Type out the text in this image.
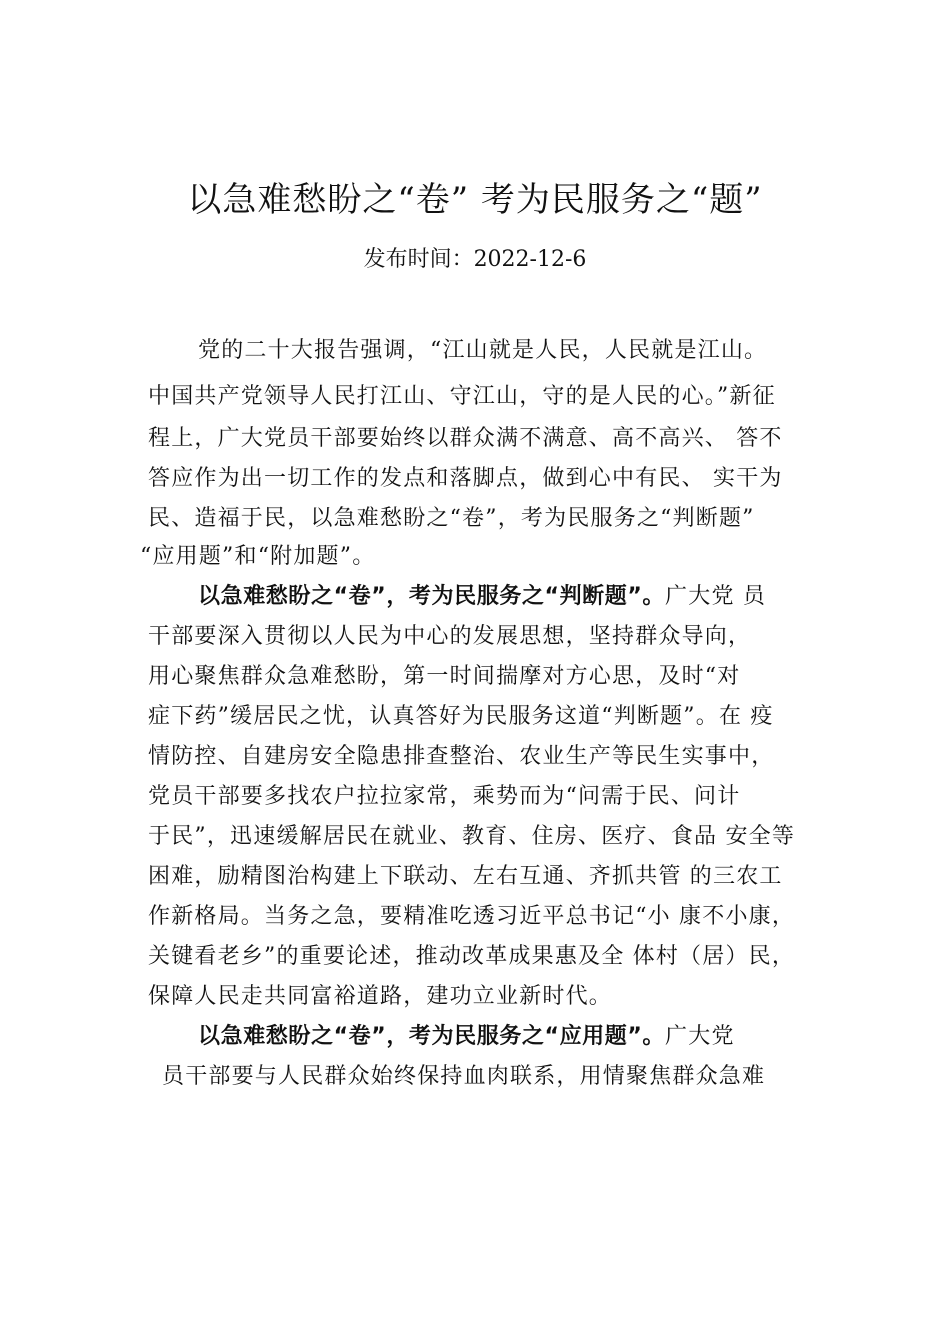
以急难愁盼之“卷” 考为民服务之“题”
发布时间：2022-12-6
党的二十大报告强调，“江山就是人民，人民就是江山。
中国共产党领导人民打江山、守江山，守的是人民的心。”新征
程上，广大党员干部要始终以群众满不满意、高不高兴、 答不
答应作为出一切工作的发点和落脚点，做到心中有民、 实干为
民、造福于民，以急难愁盼之“卷”，考为民服务之“判断题”
“应用题”和“附加题”。
以急难愁盼之“卷”，考为民服务之“判断题”。广大党 员
干部要深入贯彻以人民为中心的发展思想，坚持群众导向，
用心聚焦群众急难愁盼，第一时间揣摩对方心思，及时“对
症下药”缓居民之忧，认真答好为民服务这道“判断题”。在 疫
情防控、自建房安全隐患排查整治、农业生产等民生实事中，
党员干部要多找农户拉拉家常，乘势而为“问需于民、问计
于民”，迅速缓解居民在就业、教育、住房、医疗、食品 安全等
困难，励精图治构建上下联动、左右互通、齐抓共管 的三农工
作新格局。当务之急，要精准吃透习近平总书记“小 康不小康，
关键看老乡”的重要论述，推动改革成果惠及全 体村（居）民，
保障人民走共同富裕道路，建功立业新时代。
以急难愁盼之“卷”，考为民服务之“应用题”。广大党
员干部要与人民群众始终保持血肉联系，用情聚焦群众急难
